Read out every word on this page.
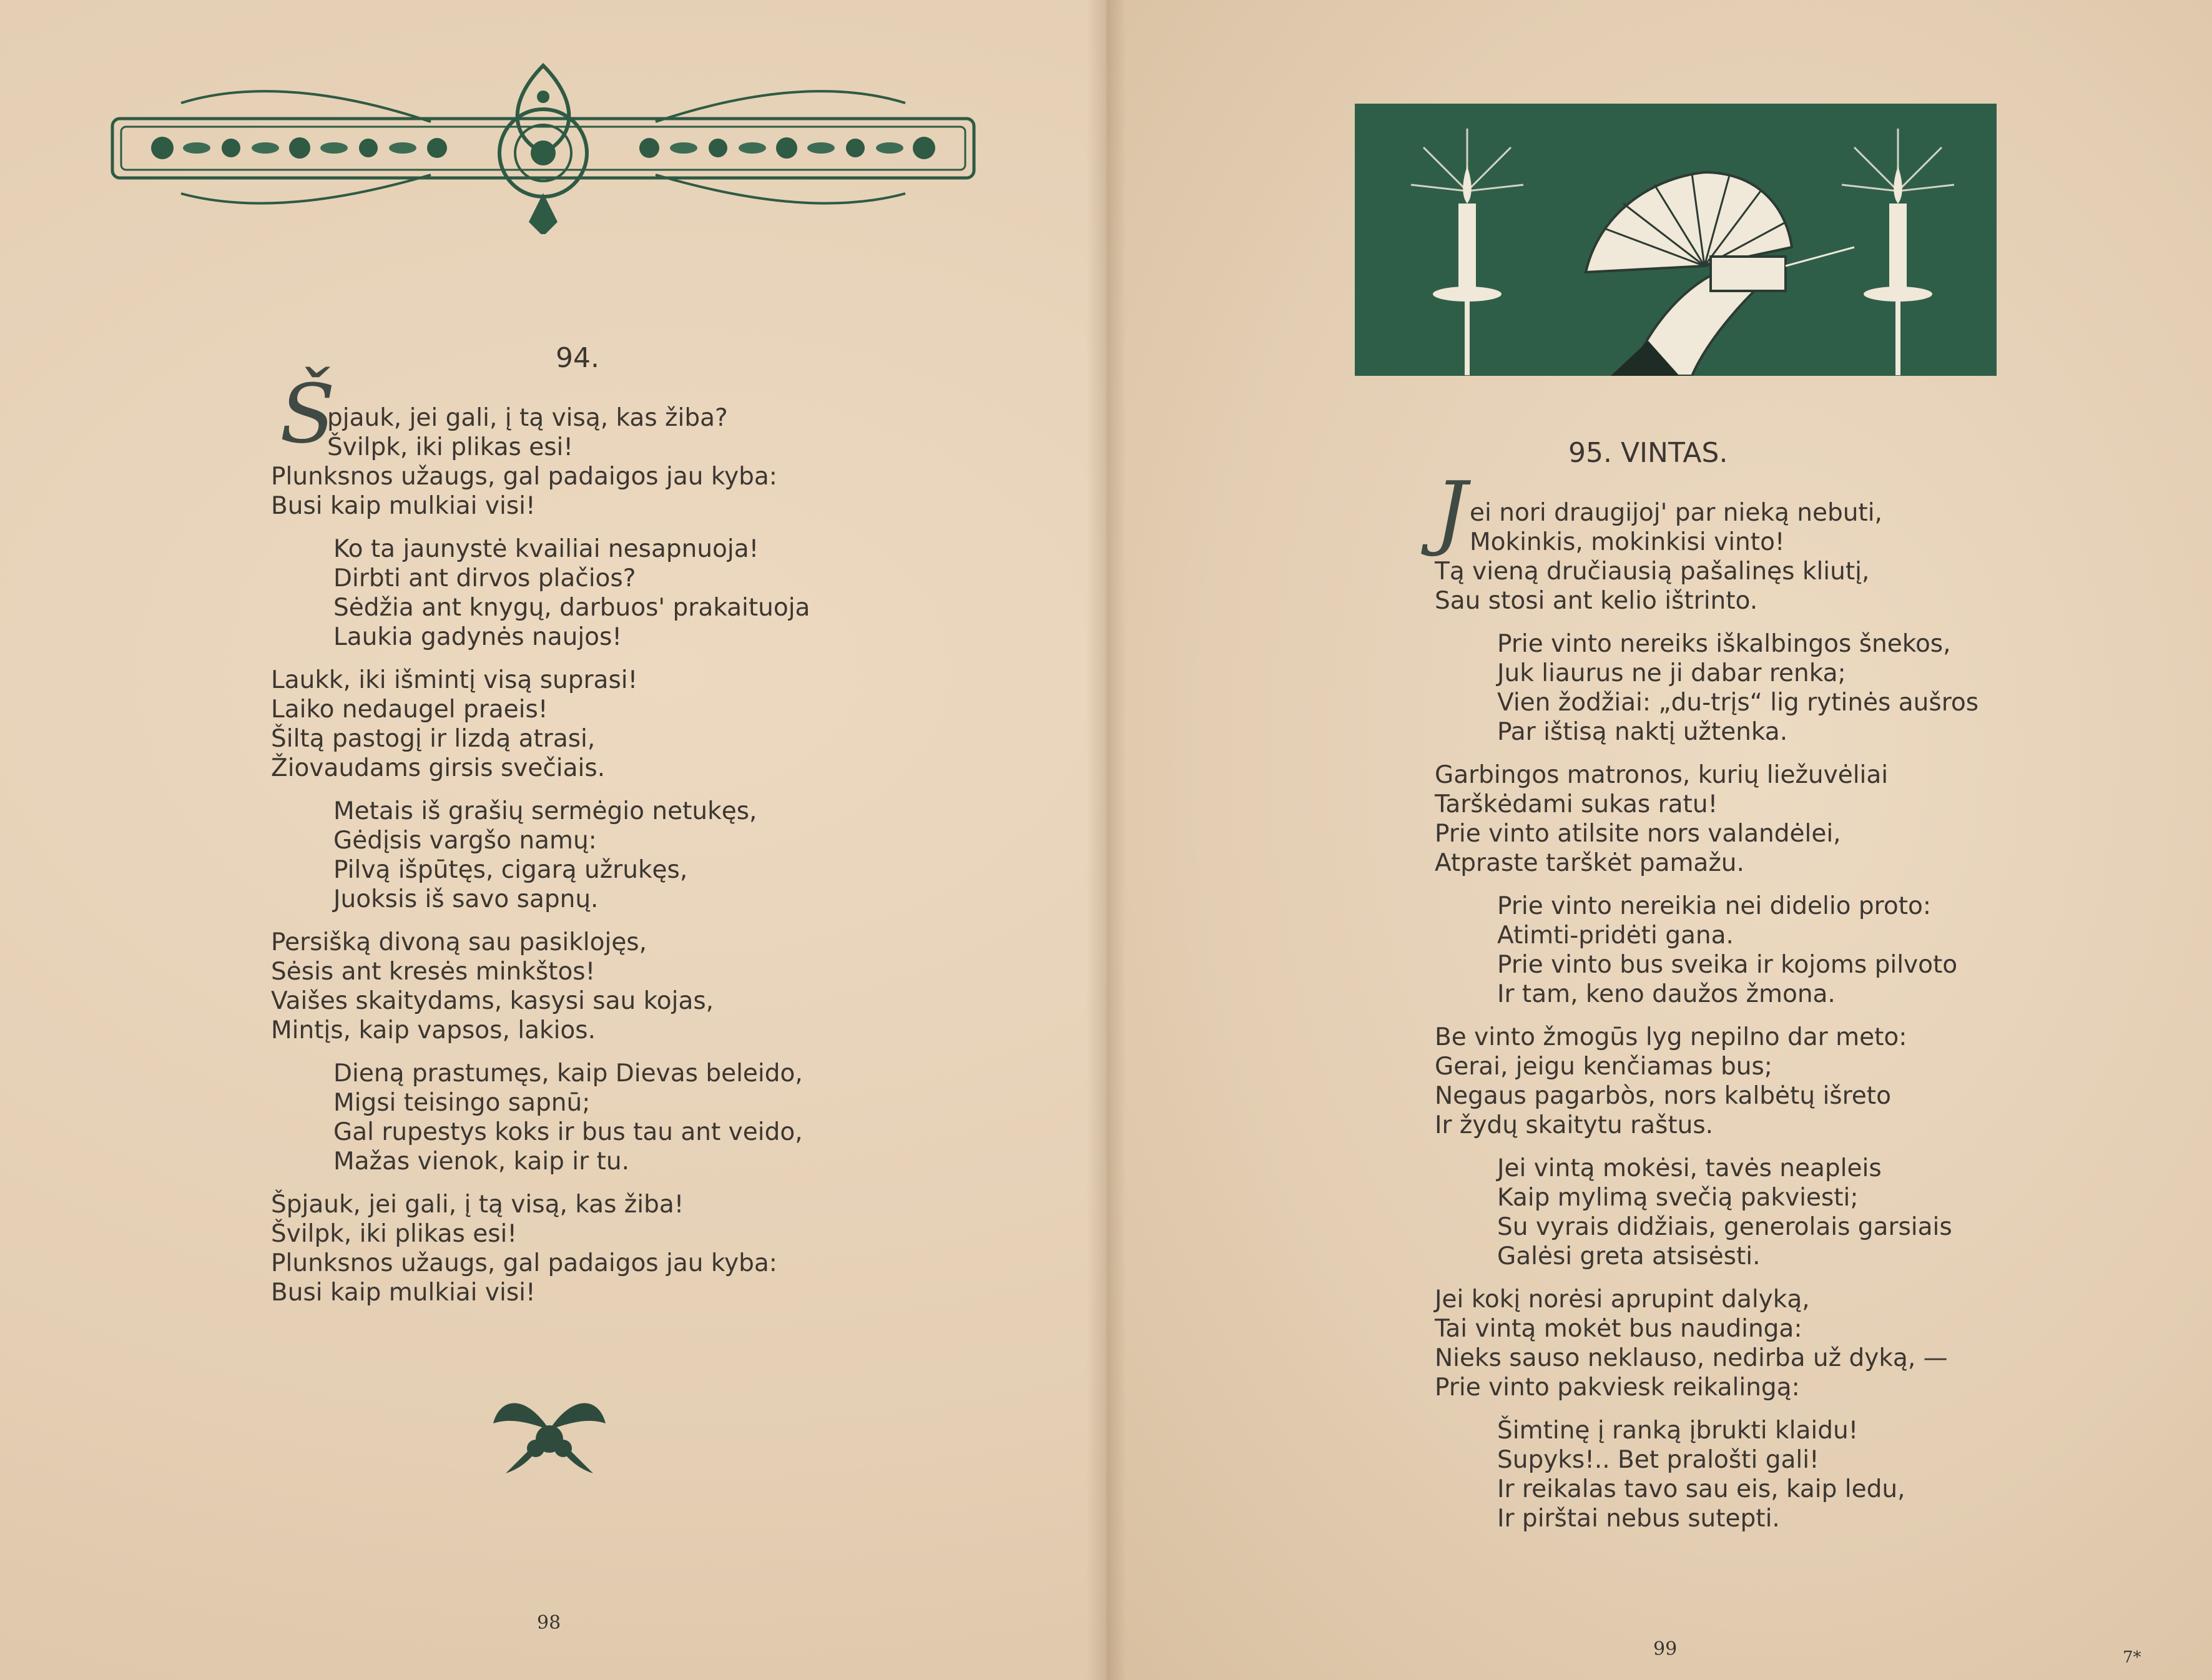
94.
Š
pjauk, jei gali, į tą visą, kas žiba?
Švilpk, iki plikas esi!
Plunksnos užaugs, gal padaigos jau kyba:
Busi kaip mulkiai visi!
Ko ta jaunystė kvailiai nesapnuoja!
Dirbti ant dirvos plačios?
Sėdžia ant knygų, darbuos' prakaituoja
Laukia gadynės naujos!
Laukk, iki išmintį visą suprasi!
Laiko nedaugel praeis!
Šiltą pastogį ir lizdą atrasi,
Žiovaudams girsis svečiais.
Metais iš grašių sermėgio netukęs,
Gėdįsis vargšo namų:
Pilvą išpūtęs, cigarą užrukęs,
Juoksis iš savo sapnų.
Persišką divoną sau pasiklojęs,
Sėsis ant kresės minkštos!
Vaišes skaitydams, kasysi sau kojas,
Mintįs, kaip vapsos, lakios.
Dieną prastumęs, kaip Dievas beleido,
Migsi teisingo sapnū;
Gal rupestys koks ir bus tau ant veido,
Mažas vienok, kaip ir tu.
Špjauk, jei gali, į tą visą, kas žiba!
Švilpk, iki plikas esi!
Plunksnos užaugs, gal padaigos jau kyba:
Busi kaip mulkiai visi!
98
95. VINTAS.
J ei nori draugijoj' par nieką nebuti,
Mokinkis, mokinkisi vinto!
Tą vieną dručiausią pašalinęs kliutį,
Sau stosi ant kelio ištrinto.
Prie vinto nereiks iškalbingos šnekos,
Juk liaurus ne ji dabar renka;
Vien žodžiai: „du-trįs“ lig rytinės aušros
Par ištisą naktį užtenka.
Garbingos matronos, kurių liežuvėliai
Tarškėdami sukas ratu!
Prie vinto atilsite nors valandėlei,
Atpraste tarškėt pamažu.
Prie vinto nereikia nei didelio proto:
Atimti-pridėti gana.
Prie vinto bus sveika ir kojoms pilvoto
Ir tam, keno daužos žmona.
Be vinto žmogūs lyg nepilno dar meto:
Gerai, jeigu kenčiamas bus;
Negaus pagarbòs, nors kalbėtų išreto
Ir žydų skaitytu raštus.
Jei vintą mokėsi, tavės neapleis
Kaip mylimą svečią pakviesti;
Su vyrais didžiais, generolais garsiais
Galėsi greta atsisėsti.
Jei kokį norėsi aprupint dalyką,
Tai vintą mokėt bus naudinga:
Nieks sauso neklauso, nedirba už dyką, —
Prie vinto pakviesk reikalingą:
Šimtinę į ranką įbrukti klaidu!
Supyks!.. Bet pralošti gali!
Ir reikalas tavo sau eis, kaip ledu,
Ir pirštai nebus sutepti.
99	7*
